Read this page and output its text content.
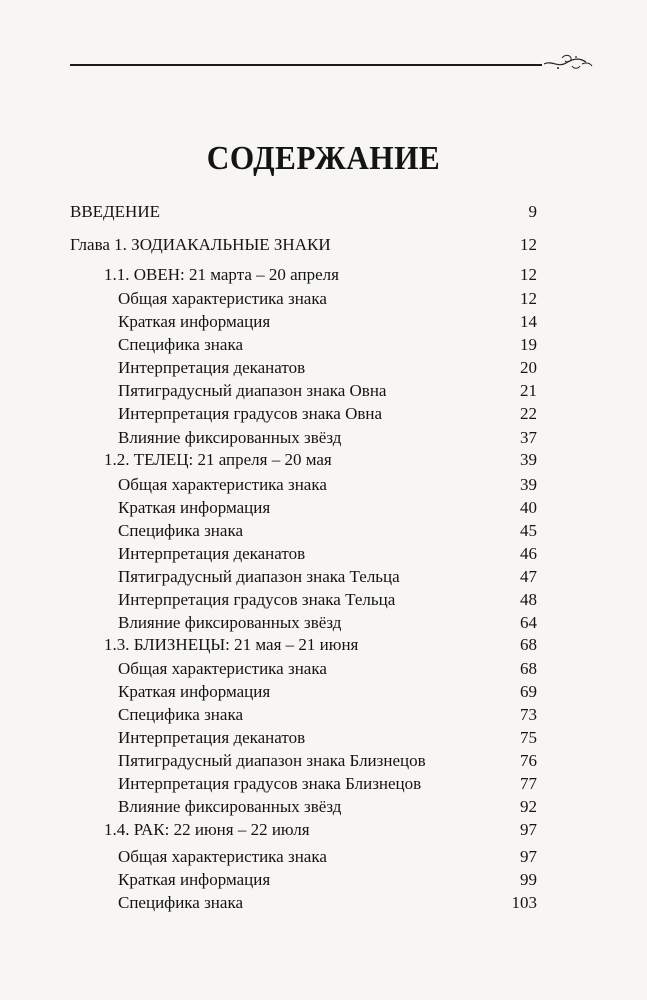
СОДЕРЖАНИЕ
ВВЕДЕНИЕ	9
Глава 1. ЗОДИАКАЛЬНЫЕ ЗНАКИ	12
1.1. ОВЕН: 21 марта – 20 апреля	12
Общая характеристика знака	12
Краткая информация	14
Специфика знака	19
Интерпретация деканатов	20
Пятиградусный диапазон знака Овна	21
Интерпретация градусов знака Овна	22
Влияние фиксированных звёзд	37
1.2. ТЕЛЕЦ: 21 апреля – 20 мая	39
Общая характеристика знака	39
Краткая информация	40
Специфика знака	45
Интерпретация деканатов	46
Пятиградусный диапазон знака Тельца	47
Интерпретация градусов знака Тельца	48
Влияние фиксированных звёзд	64
1.3. БЛИЗНЕЦЫ: 21 мая – 21 июня	68
Общая характеристика знака	68
Краткая информация	69
Специфика знака	73
Интерпретация деканатов	75
Пятиградусный диапазон знака Близнецов	76
Интерпретация градусов знака Близнецов	77
Влияние фиксированных звёзд	92
1.4. РАК: 22 июня – 22 июля	97
Общая характеристика знака	97
Краткая информация	99
Специфика знака	103
